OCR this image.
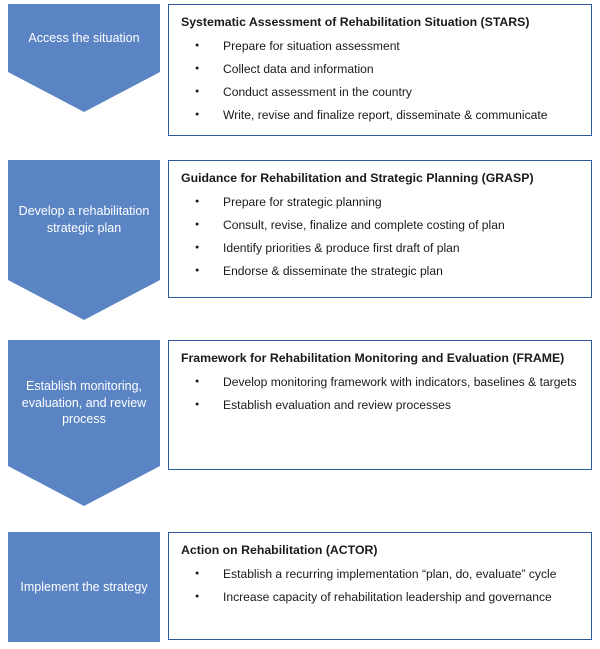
Access the situation
Systematic Assessment of Rehabilitation Situation (STARS)
● Prepare for situation assessment
● Collect data and information
● Conduct assessment in the country
● Write, revise and finalize report, disseminate & communicate
Develop a rehabilitation strategic plan
Guidance for Rehabilitation and Strategic Planning (GRASP)
● Prepare for strategic planning
● Consult, revise, finalize and complete costing of plan
● Identify priorities & produce first draft of plan
● Endorse & disseminate the strategic plan
Establish monitoring, evaluation, and review process
Framework for Rehabilitation Monitoring and Evaluation (FRAME)
● Develop monitoring framework with indicators, baselines & targets
● Establish evaluation and review processes
Implement the strategy
Action on Rehabilitation (ACTOR)
● Establish a recurring implementation “plan, do, evaluate” cycle
● Increase capacity of rehabilitation leadership and governance
